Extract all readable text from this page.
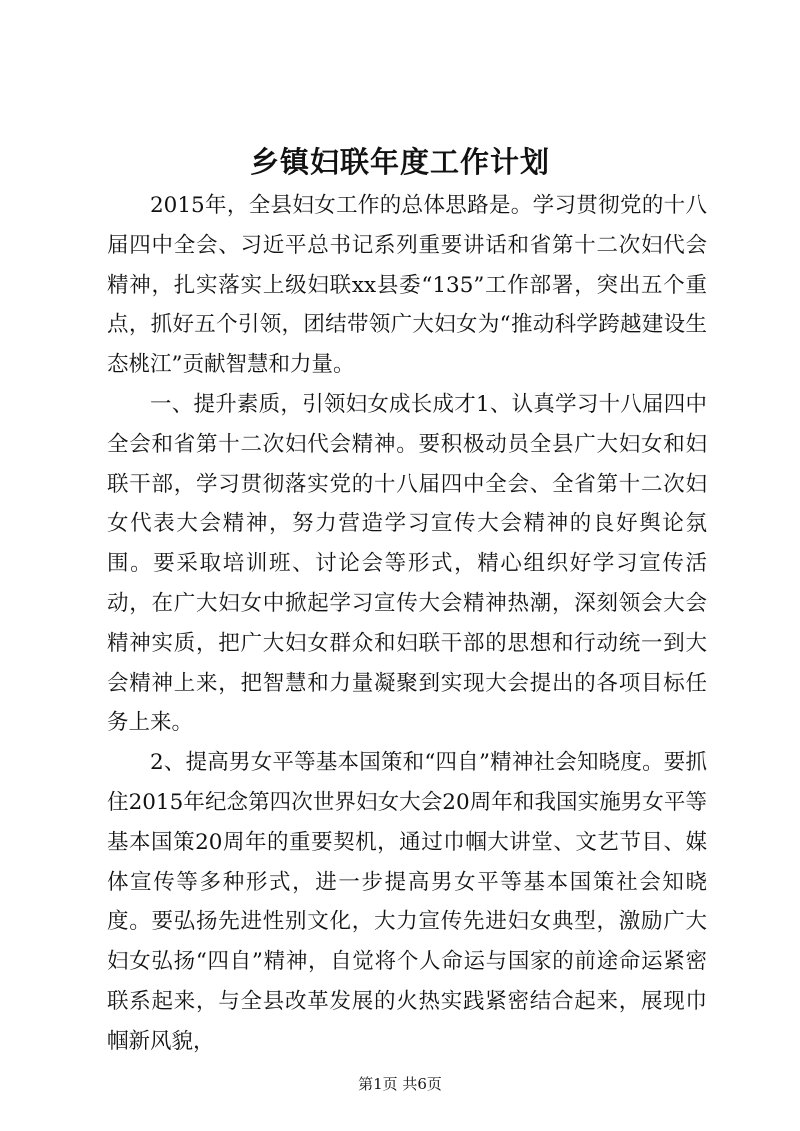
乡镇妇联年度工作计划

2015年，全县妇女工作的总体思路是。学习贯彻党的十八届四中全会、习近平总书记系列重要讲话和省第十二次妇代会精神，扎实落实上级妇联xx县委“135”工作部署，突出五个重点，抓好五个引领，团结带领广大妇女为“推动科学跨越建设生态桃江”贡献智慧和力量。

一、提升素质，引领妇女成长成才1、认真学习十八届四中全会和省第十二次妇代会精神。要积极动员全县广大妇女和妇联干部，学习贯彻落实党的十八届四中全会、全省第十二次妇女代表大会精神，努力营造学习宣传大会精神的良好舆论氛围。要采取培训班、讨论会等形式，精心组织好学习宣传活动，在广大妇女中掀起学习宣传大会精神热潮，深刻领会大会精神实质，把广大妇女群众和妇联干部的思想和行动统一到大会精神上来，把智慧和力量凝聚到实现大会提出的各项目标任务上来。

2、提高男女平等基本国策和“四自”精神社会知晓度。要抓住2015年纪念第四次世界妇女大会20周年和我国实施男女平等基本国策20周年的重要契机，通过巾帼大讲堂、文艺节目、媒体宣传等多种形式，进一步提高男女平等基本国策社会知晓度。要弘扬先进性别文化，大力宣传先进妇女典型，激励广大妇女弘扬“四自”精神，自觉将个人命运与国家的前途命运紧密联系起来，与全县改革发展的火热实践紧密结合起来，展现巾帼新风貌，

第1页 共6页
